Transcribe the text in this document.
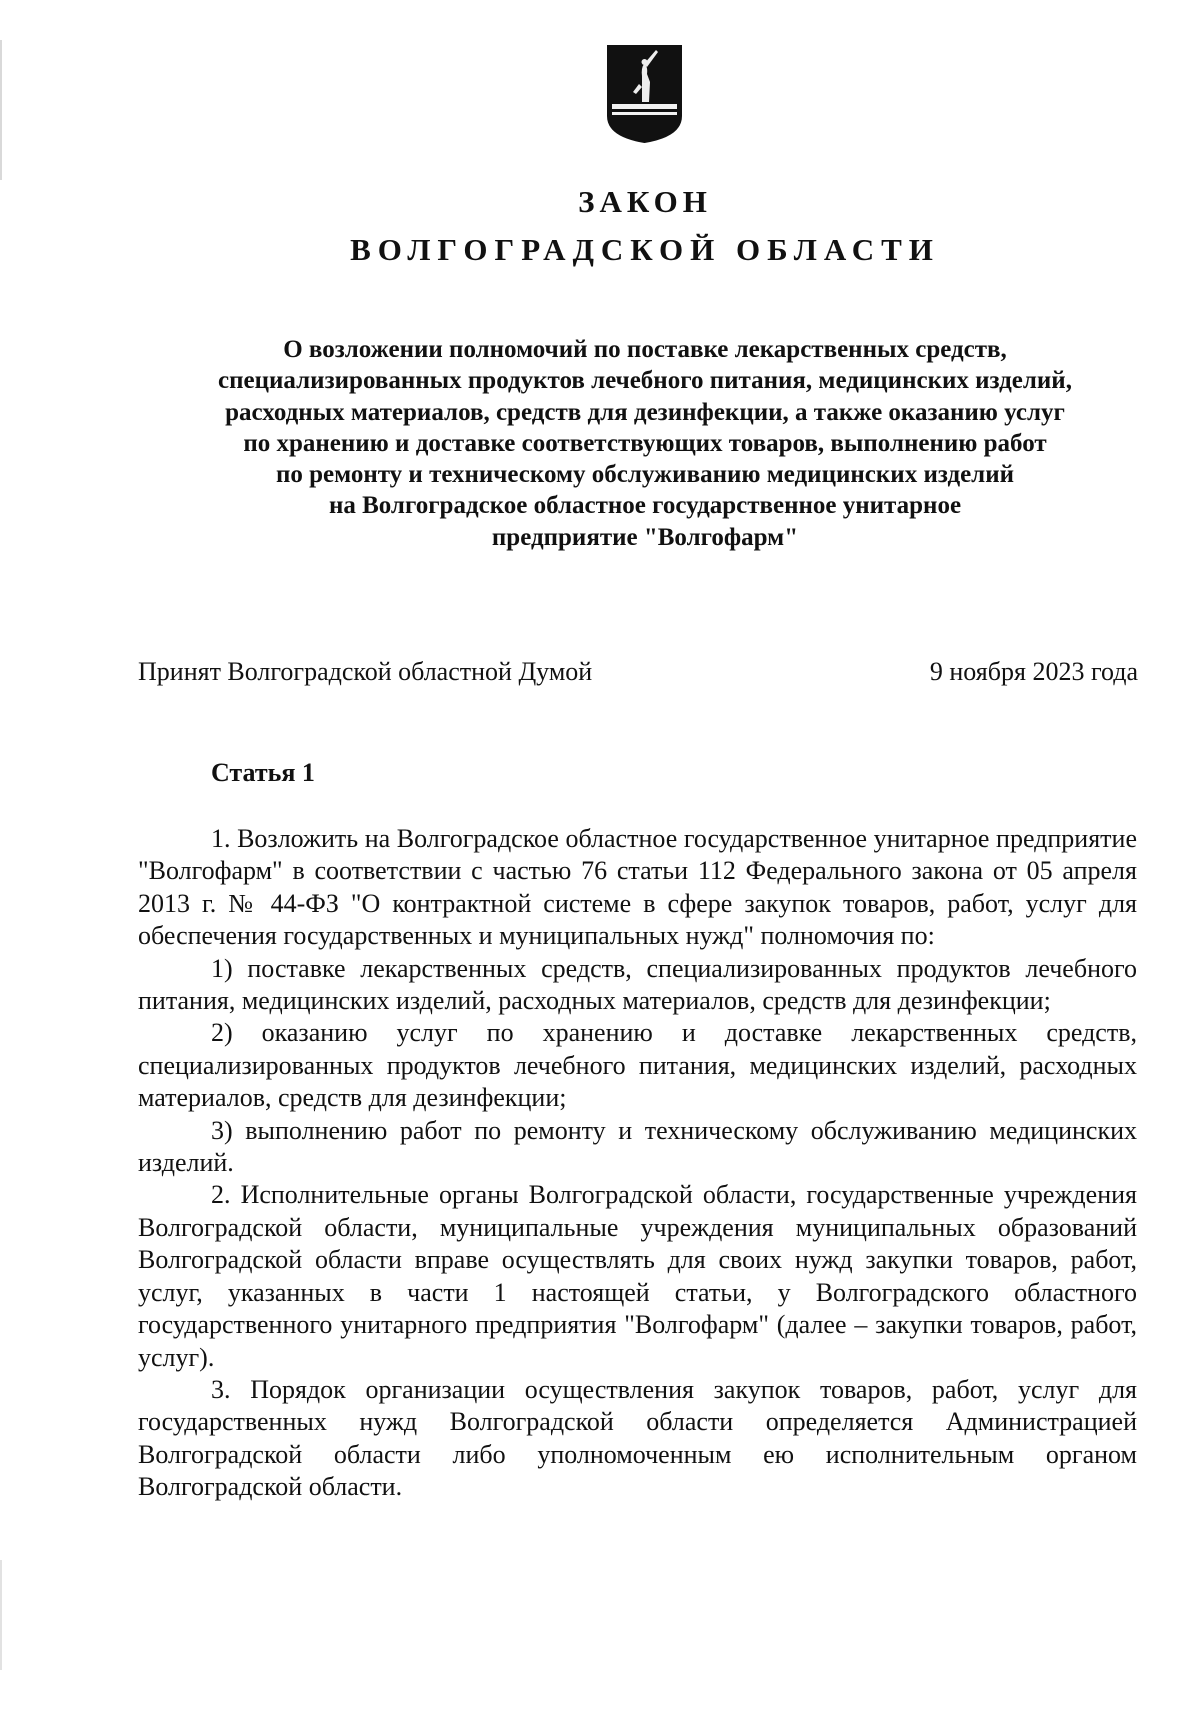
ЗАКОН
ВОЛГОГРАДСКОЙ ОБЛАСТИ
О возложении полномочий по поставке лекарственных средств,
специализированных продуктов лечебного питания, медицинских изделий,
расходных материалов, средств для дезинфекции, а также оказанию услуг
по хранению и доставке соответствующих товаров, выполнению работ
по ремонту и техническому обслуживанию медицинских изделий
на Волгоградское областное государственное унитарное
предприятие "Волгофарм"
Принят Волгоградской областной Думой	9 ноября 2023 года
Статья 1

1. Возложить на Волгоградское областное государственное унитарное предприятие "Волгофарм" в соответствии с частью 76 статьи 112 Федерального закона от 05 апреля 2013 г. № 44-ФЗ "О контрактной системе в сфере закупок товаров, работ, услуг для обеспечения государственных и муниципальных нужд" полномочия по:

1) поставке лекарственных средств, специализированных продуктов лечебного питания, медицинских изделий, расходных материалов, средств для дезинфекции;

2) оказанию услуг по хранению и доставке лекарственных средств, специализированных продуктов лечебного питания, медицинских изделий, расходных материалов, средств для дезинфекции;

3) выполнению работ по ремонту и техническому обслуживанию медицинских изделий.

2. Исполнительные органы Волгоградской области, государственные учреждения Волгоградской области, муниципальные учреждения муниципальных образований Волгоградской области вправе осуществлять для своих нужд закупки товаров, работ, услуг, указанных в части 1 настоящей статьи, у Волгоградского областного государственного унитарного предприятия "Волгофарм" (далее – закупки товаров, работ, услуг).

3. Порядок организации осуществления закупок товаров, работ, услуг для государственных нужд Волгоградской области определяется Администрацией Волгоградской области либо уполномоченным ею исполнительным органом Волгоградской области.
